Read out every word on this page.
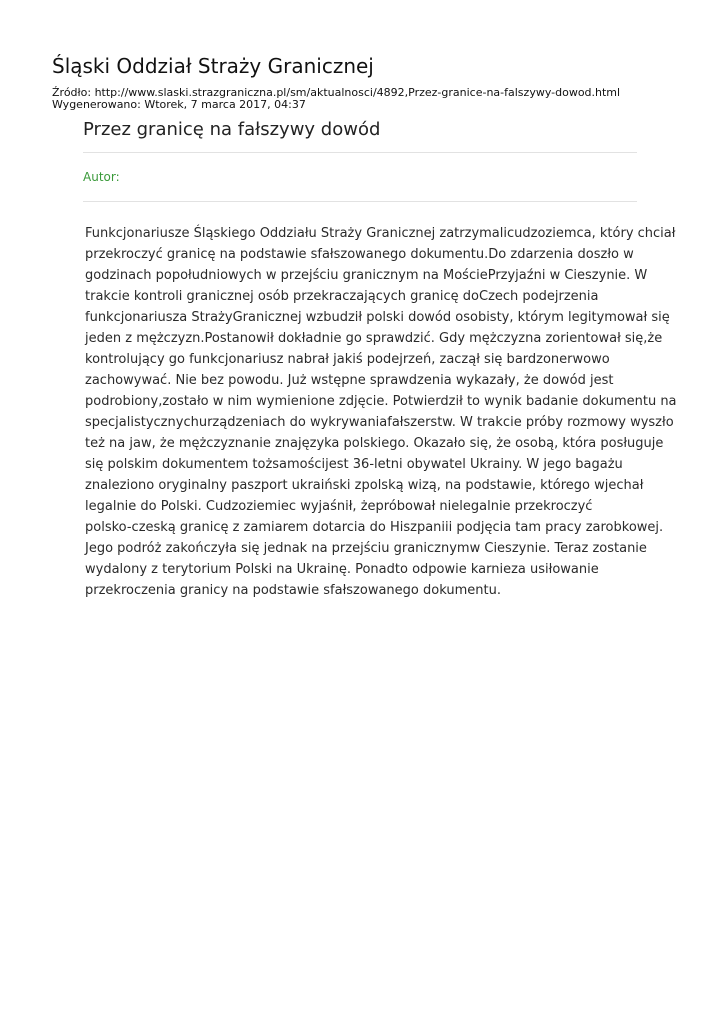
Śląski Oddział Straży Granicznej
Źródło: http://www.slaski.strazgraniczna.pl/sm/aktualnosci/4892,Przez-granice-na-falszywy-dowod.html
Wygenerowano: Wtorek, 7 marca 2017, 04:37
Przez granicę na fałszywy dowód
Autor:
Funkcjonariusze Śląskiego Oddziału Straży Granicznej zatrzymalicudzoziemca, który chciał
przekroczyć granicę na podstawie sfałszowanego dokumentu.Do zdarzenia doszło w
godzinach popołudniowych w przejściu granicznym na MościePrzyjaźni w Cieszynie. W
trakcie kontroli granicznej osób przekraczających granicę doCzech podejrzenia
funkcjonariusza StrażyGranicznej wzbudził polski dowód osobisty, którym legitymował się
jeden z mężczyzn.Postanowił dokładnie go sprawdzić. Gdy mężczyzna zorientował się,że
kontrolujący go funkcjonariusz nabrał jakiś podejrzeń, zaczął się bardzonerwowo
zachowywać. Nie bez powodu. Już wstępne sprawdzenia wykazały, że dowód jest
podrobiony,zostało w nim wymienione zdjęcie. Potwierdził to wynik badanie dokumentu na
specjalistycznychurządzeniach do wykrywaniafałszerstw. W trakcie próby rozmowy wyszło
też na jaw, że mężczyznanie znajęzyka polskiego. Okazało się, że osobą, która posługuje
się polskim dokumentem tożsamościjest 36-letni obywatel Ukrainy. W jego bagażu
znaleziono oryginalny paszport ukraiński zpolską wizą, na podstawie, którego wjechał
legalnie do Polski. Cudzoziemiec wyjaśnił, żepróbował nielegalnie przekroczyć
polsko-czeską granicę z zamiarem dotarcia do Hiszpaniii podjęcia tam pracy zarobkowej.
Jego podróż zakończyła się jednak na przejściu granicznymw Cieszynie. Teraz zostanie
wydalony z terytorium Polski na Ukrainę. Ponadto odpowie karnieza usiłowanie
przekroczenia granicy na podstawie sfałszowanego dokumentu.
